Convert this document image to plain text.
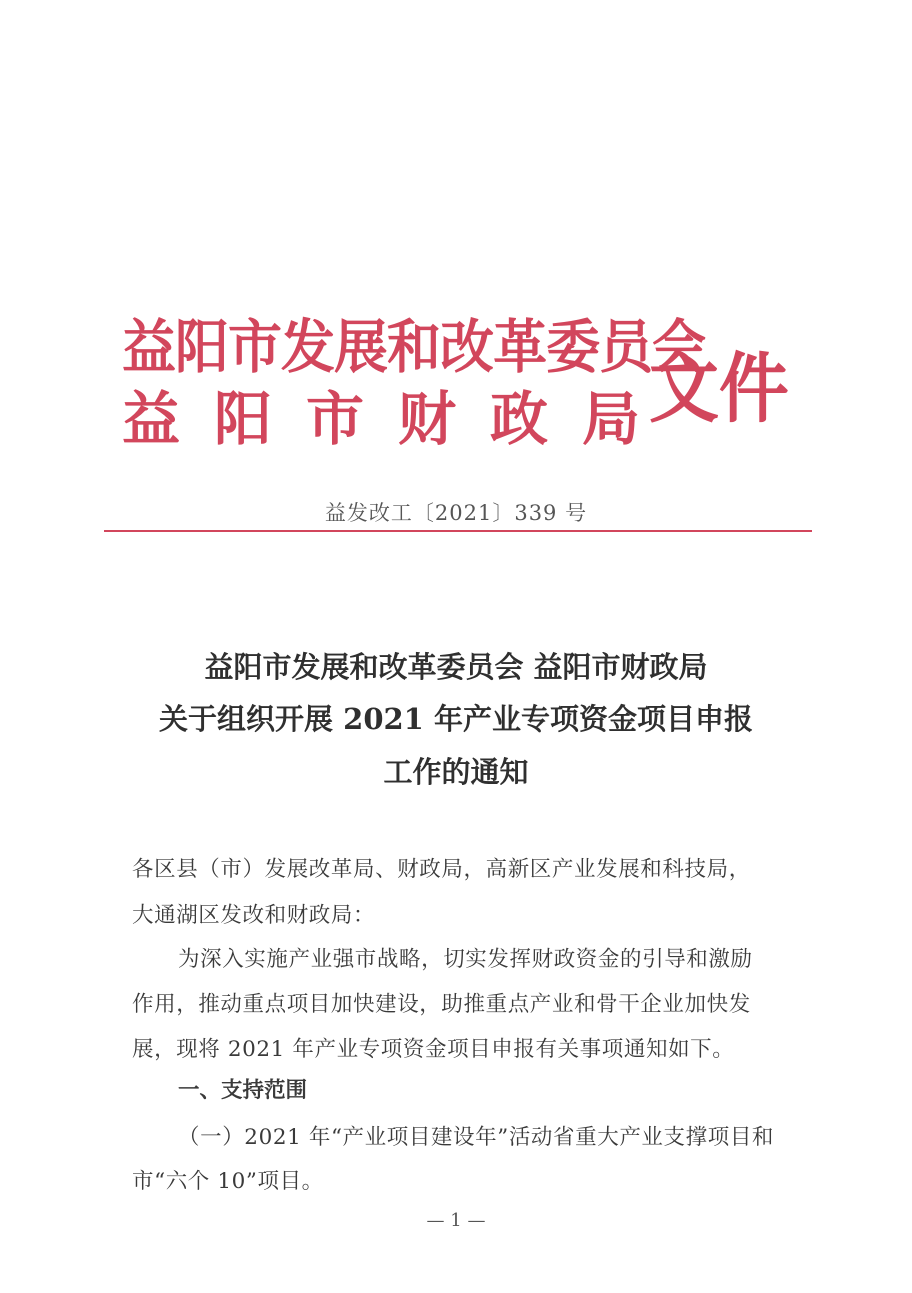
益阳市发展和改革委员会
益阳市财政局
文件
益发改工〔2021〕339 号
益阳市发展和改革委员会 益阳市财政局
关于组织开展 2021 年产业专项资金项目申报
工作的通知
各区县（市）发展改革局、财政局，高新区产业发展和科技局，
大通湖区发改和财政局：
为深入实施产业强市战略，切实发挥财政资金的引导和激励
作用，推动重点项目加快建设，助推重点产业和骨干企业加快发
展，现将 2021 年产业专项资金项目申报有关事项通知如下。
一、支持范围
（一）2021 年“产业项目建设年”活动省重大产业支撑项目和
市“六个 10”项目。
— 1 —
